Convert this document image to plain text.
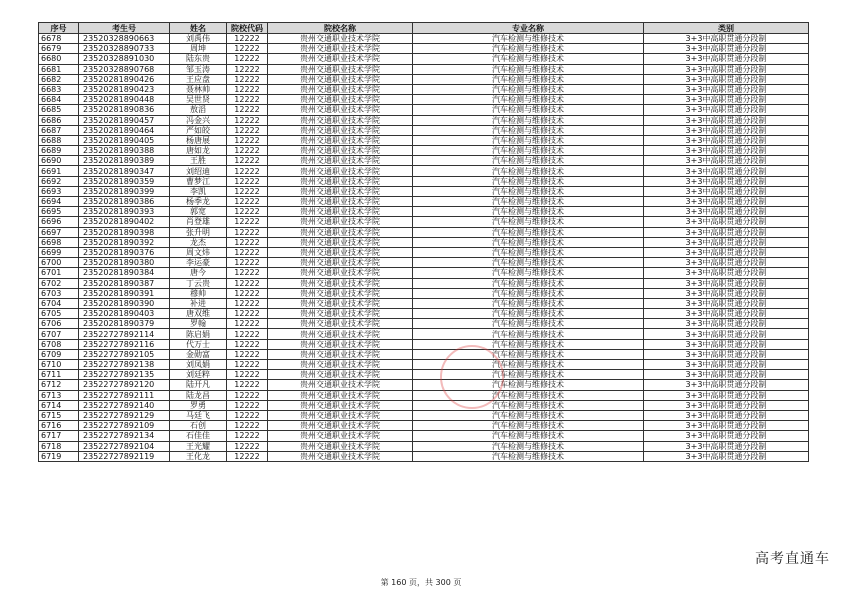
序号	考生号	姓名	院校代码	院校名称	专业名称	类别
6678	23520328890663	刘禹伟	12222	贵州交通职业技术学院	汽车检测与维修技术	3+3中高职贯通分段制
6679	23520328890733	周坤	12222	贵州交通职业技术学院	汽车检测与维修技术	3+3中高职贯通分段制
6680	23520328891030	陆东贵	12222	贵州交通职业技术学院	汽车检测与维修技术	3+3中高职贯通分段制
6681	23520328890768	邹玉涛	12222	贵州交通职业技术学院	汽车检测与维修技术	3+3中高职贯通分段制
6682	23520281890426	王应盘	12222	贵州交通职业技术学院	汽车检测与维修技术	3+3中高职贯通分段制
6683	23520281890423	聂林帅	12222	贵州交通职业技术学院	汽车检测与维修技术	3+3中高职贯通分段制
6684	23520281890448	吴世贤	12222	贵州交通职业技术学院	汽车检测与维修技术	3+3中高职贯通分段制
6685	23520281890836	敖滔	12222	贵州交通职业技术学院	汽车检测与维修技术	3+3中高职贯通分段制
6686	23520281890457	冯金兴	12222	贵州交通职业技术学院	汽车检测与维修技术	3+3中高职贯通分段制
6687	23520281890464	严如皎	12222	贵州交通职业技术学院	汽车检测与维修技术	3+3中高职贯通分段制
6688	23520281890405	杨唐展	12222	贵州交通职业技术学院	汽车检测与维修技术	3+3中高职贯通分段制
6689	23520281890388	唐如龙	12222	贵州交通职业技术学院	汽车检测与维修技术	3+3中高职贯通分段制
6690	23520281890389	王胜	12222	贵州交通职业技术学院	汽车检测与维修技术	3+3中高职贯通分段制
6691	23520281890347	刘绍迪	12222	贵州交通职业技术学院	汽车检测与维修技术	3+3中高职贯通分段制
6692	23520281890359	曹梦江	12222	贵州交通职业技术学院	汽车检测与维修技术	3+3中高职贯通分段制
6693	23520281890399	李凯	12222	贵州交通职业技术学院	汽车检测与维修技术	3+3中高职贯通分段制
6694	23520281890386	杨季龙	12222	贵州交通职业技术学院	汽车检测与维修技术	3+3中高职贯通分段制
6695	23520281890393	郭宽	12222	贵州交通职业技术学院	汽车检测与维修技术	3+3中高职贯通分段制
6696	23520281890402	肖登雄	12222	贵州交通职业技术学院	汽车检测与维修技术	3+3中高职贯通分段制
6697	23520281890398	张升明	12222	贵州交通职业技术学院	汽车检测与维修技术	3+3中高职贯通分段制
6698	23520281890392	龙杰	12222	贵州交通职业技术学院	汽车检测与维修技术	3+3中高职贯通分段制
6699	23520281890376	周文炜	12222	贵州交通职业技术学院	汽车检测与维修技术	3+3中高职贯通分段制
6700	23520281890380	李运豪	12222	贵州交通职业技术学院	汽车检测与维修技术	3+3中高职贯通分段制
6701	23520281890384	唐今	12222	贵州交通职业技术学院	汽车检测与维修技术	3+3中高职贯通分段制
6702	23520281890387	丁云贵	12222	贵州交通职业技术学院	汽车检测与维修技术	3+3中高职贯通分段制
6703	23520281890391	穆帅	12222	贵州交通职业技术学院	汽车检测与维修技术	3+3中高职贯通分段制
6704	23520281890390	补进	12222	贵州交通职业技术学院	汽车检测与维修技术	3+3中高职贯通分段制
6705	23520281890403	唐双维	12222	贵州交通职业技术学院	汽车检测与维修技术	3+3中高职贯通分段制
6706	23520281890379	罗翰	12222	贵州交通职业技术学院	汽车检测与维修技术	3+3中高职贯通分段制
6707	23522727892114	陈启娟	12222	贵州交通职业技术学院	汽车检测与维修技术	3+3中高职贯通分段制
6708	23522727892116	代万士	12222	贵州交通职业技术学院	汽车检测与维修技术	3+3中高职贯通分段制
6709	23522727892105	金勋富	12222	贵州交通职业技术学院	汽车检测与维修技术	3+3中高职贯通分段制
6710	23522727892138	刘凤娟	12222	贵州交通职业技术学院	汽车检测与维修技术	3+3中高职贯通分段制
6711	23522727892135	刘廷粹	12222	贵州交通职业技术学院	汽车检测与维修技术	3+3中高职贯通分段制
6712	23522727892120	陆开凡	12222	贵州交通职业技术学院	汽车检测与维修技术	3+3中高职贯通分段制
6713	23522727892111	陆龙昌	12222	贵州交通职业技术学院	汽车检测与维修技术	3+3中高职贯通分段制
6714	23522727892140	罗勇	12222	贵州交通职业技术学院	汽车检测与维修技术	3+3中高职贯通分段制
6715	23522727892129	马廷飞	12222	贵州交通职业技术学院	汽车检测与维修技术	3+3中高职贯通分段制
6716	23522727892109	石创	12222	贵州交通职业技术学院	汽车检测与维修技术	3+3中高职贯通分段制
6717	23522727892134	石佳佳	12222	贵州交通职业技术学院	汽车检测与维修技术	3+3中高职贯通分段制
6718	23522727892104	王光耀	12222	贵州交通职业技术学院	汽车检测与维修技术	3+3中高职贯通分段制
6719	23522727892119	王化龙	12222	贵州交通职业技术学院	汽车检测与维修技术	3+3中高职贯通分段制
第 160 页，共 300 页
高考直通车
